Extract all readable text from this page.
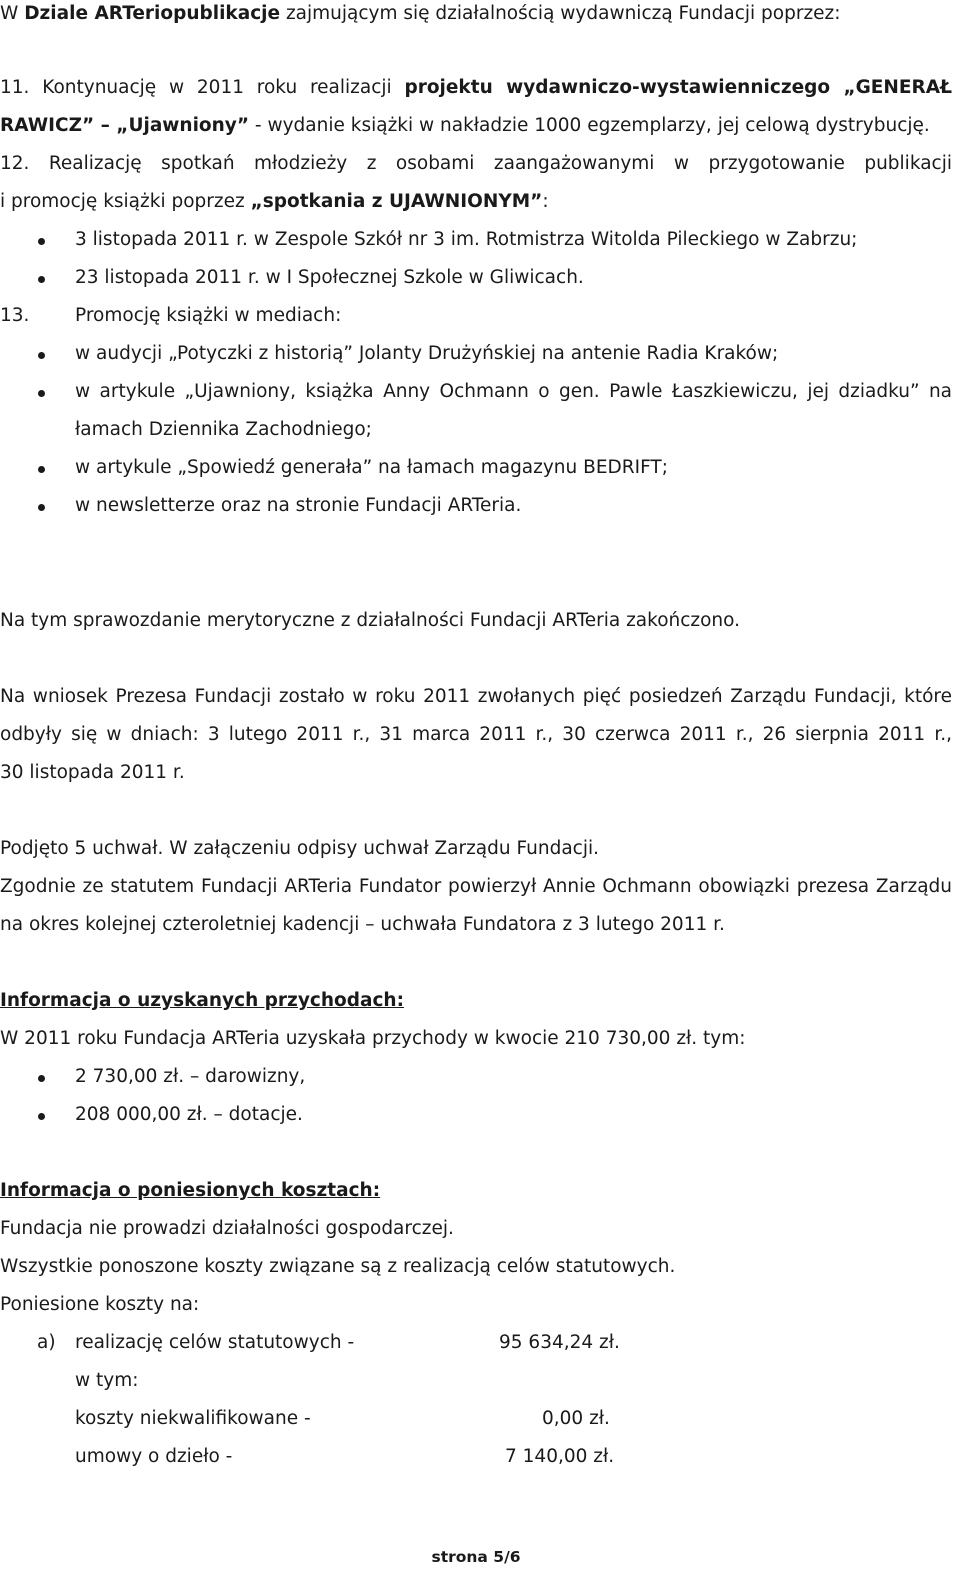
W Dziale ARTeriopublikacje zajmującym się działalnością wydawniczą Fundacji poprzez:
11. Kontynuację w 2011 roku realizacji projektu wydawniczo-wystawienniczego „GENERAŁ
RAWICZ” – „Ujawniony” - wydanie książki w nakładzie 1000 egzemplarzy, jej celową dystrybucję.
12. Realizację spotkań młodzieży z osobami zaangażowanymi w przygotowanie publikacji
i promocję książki poprzez „spotkania z UJAWNIONYM”:
3 listopada 2011 r. w Zespole Szkół nr 3 im. Rotmistrza Witolda Pileckiego w Zabrzu;
23 listopada 2011 r. w I Społecznej Szkole w Gliwicach.
13. Promocję książki w mediach:
w audycji „Potyczki z historią” Jolanty Drużyńskiej na antenie Radia Kraków;
w artykule „Ujawniony, książka Anny Ochmann o gen. Pawle Łaszkiewiczu, jej dziadku” na
łamach Dziennika Zachodniego;
w artykule „Spowiedź generała” na łamach magazynu BEDRIFT;
w newsletterze oraz na stronie Fundacji ARTeria.
Na tym sprawozdanie merytoryczne z działalności Fundacji ARTeria zakończono.
Na wniosek Prezesa Fundacji zostało w roku 2011 zwołanych pięć posiedzeń Zarządu Fundacji, które
odbyły się w dniach: 3 lutego 2011 r., 31 marca 2011 r., 30 czerwca 2011 r., 26 sierpnia 2011 r.,
30 listopada 2011 r.
Podjęto 5 uchwał. W załączeniu odpisy uchwał Zarządu Fundacji.
Zgodnie ze statutem Fundacji ARTeria Fundator powierzył Annie Ochmann obowiązki prezesa Zarządu
na okres kolejnej czteroletniej kadencji – uchwała Fundatora z 3 lutego 2011 r.
Informacja o uzyskanych przychodach:
W 2011 roku Fundacja ARTeria uzyskała przychody w kwocie 210 730,00 zł. tym:
2 730,00 zł. – darowizny,
208 000,00 zł. – dotacje.
Informacja o poniesionych kosztach:
Fundacja nie prowadzi działalności gospodarczej.
Wszystkie ponoszone koszty związane są z realizacją celów statutowych.
Poniesione koszty na:
a) realizację celów statutowych -	95 634,24 zł.
w tym:
koszty niekwalifikowane -	0,00 zł.
umowy o dzieło -	7 140,00 zł.
strona 5/6
